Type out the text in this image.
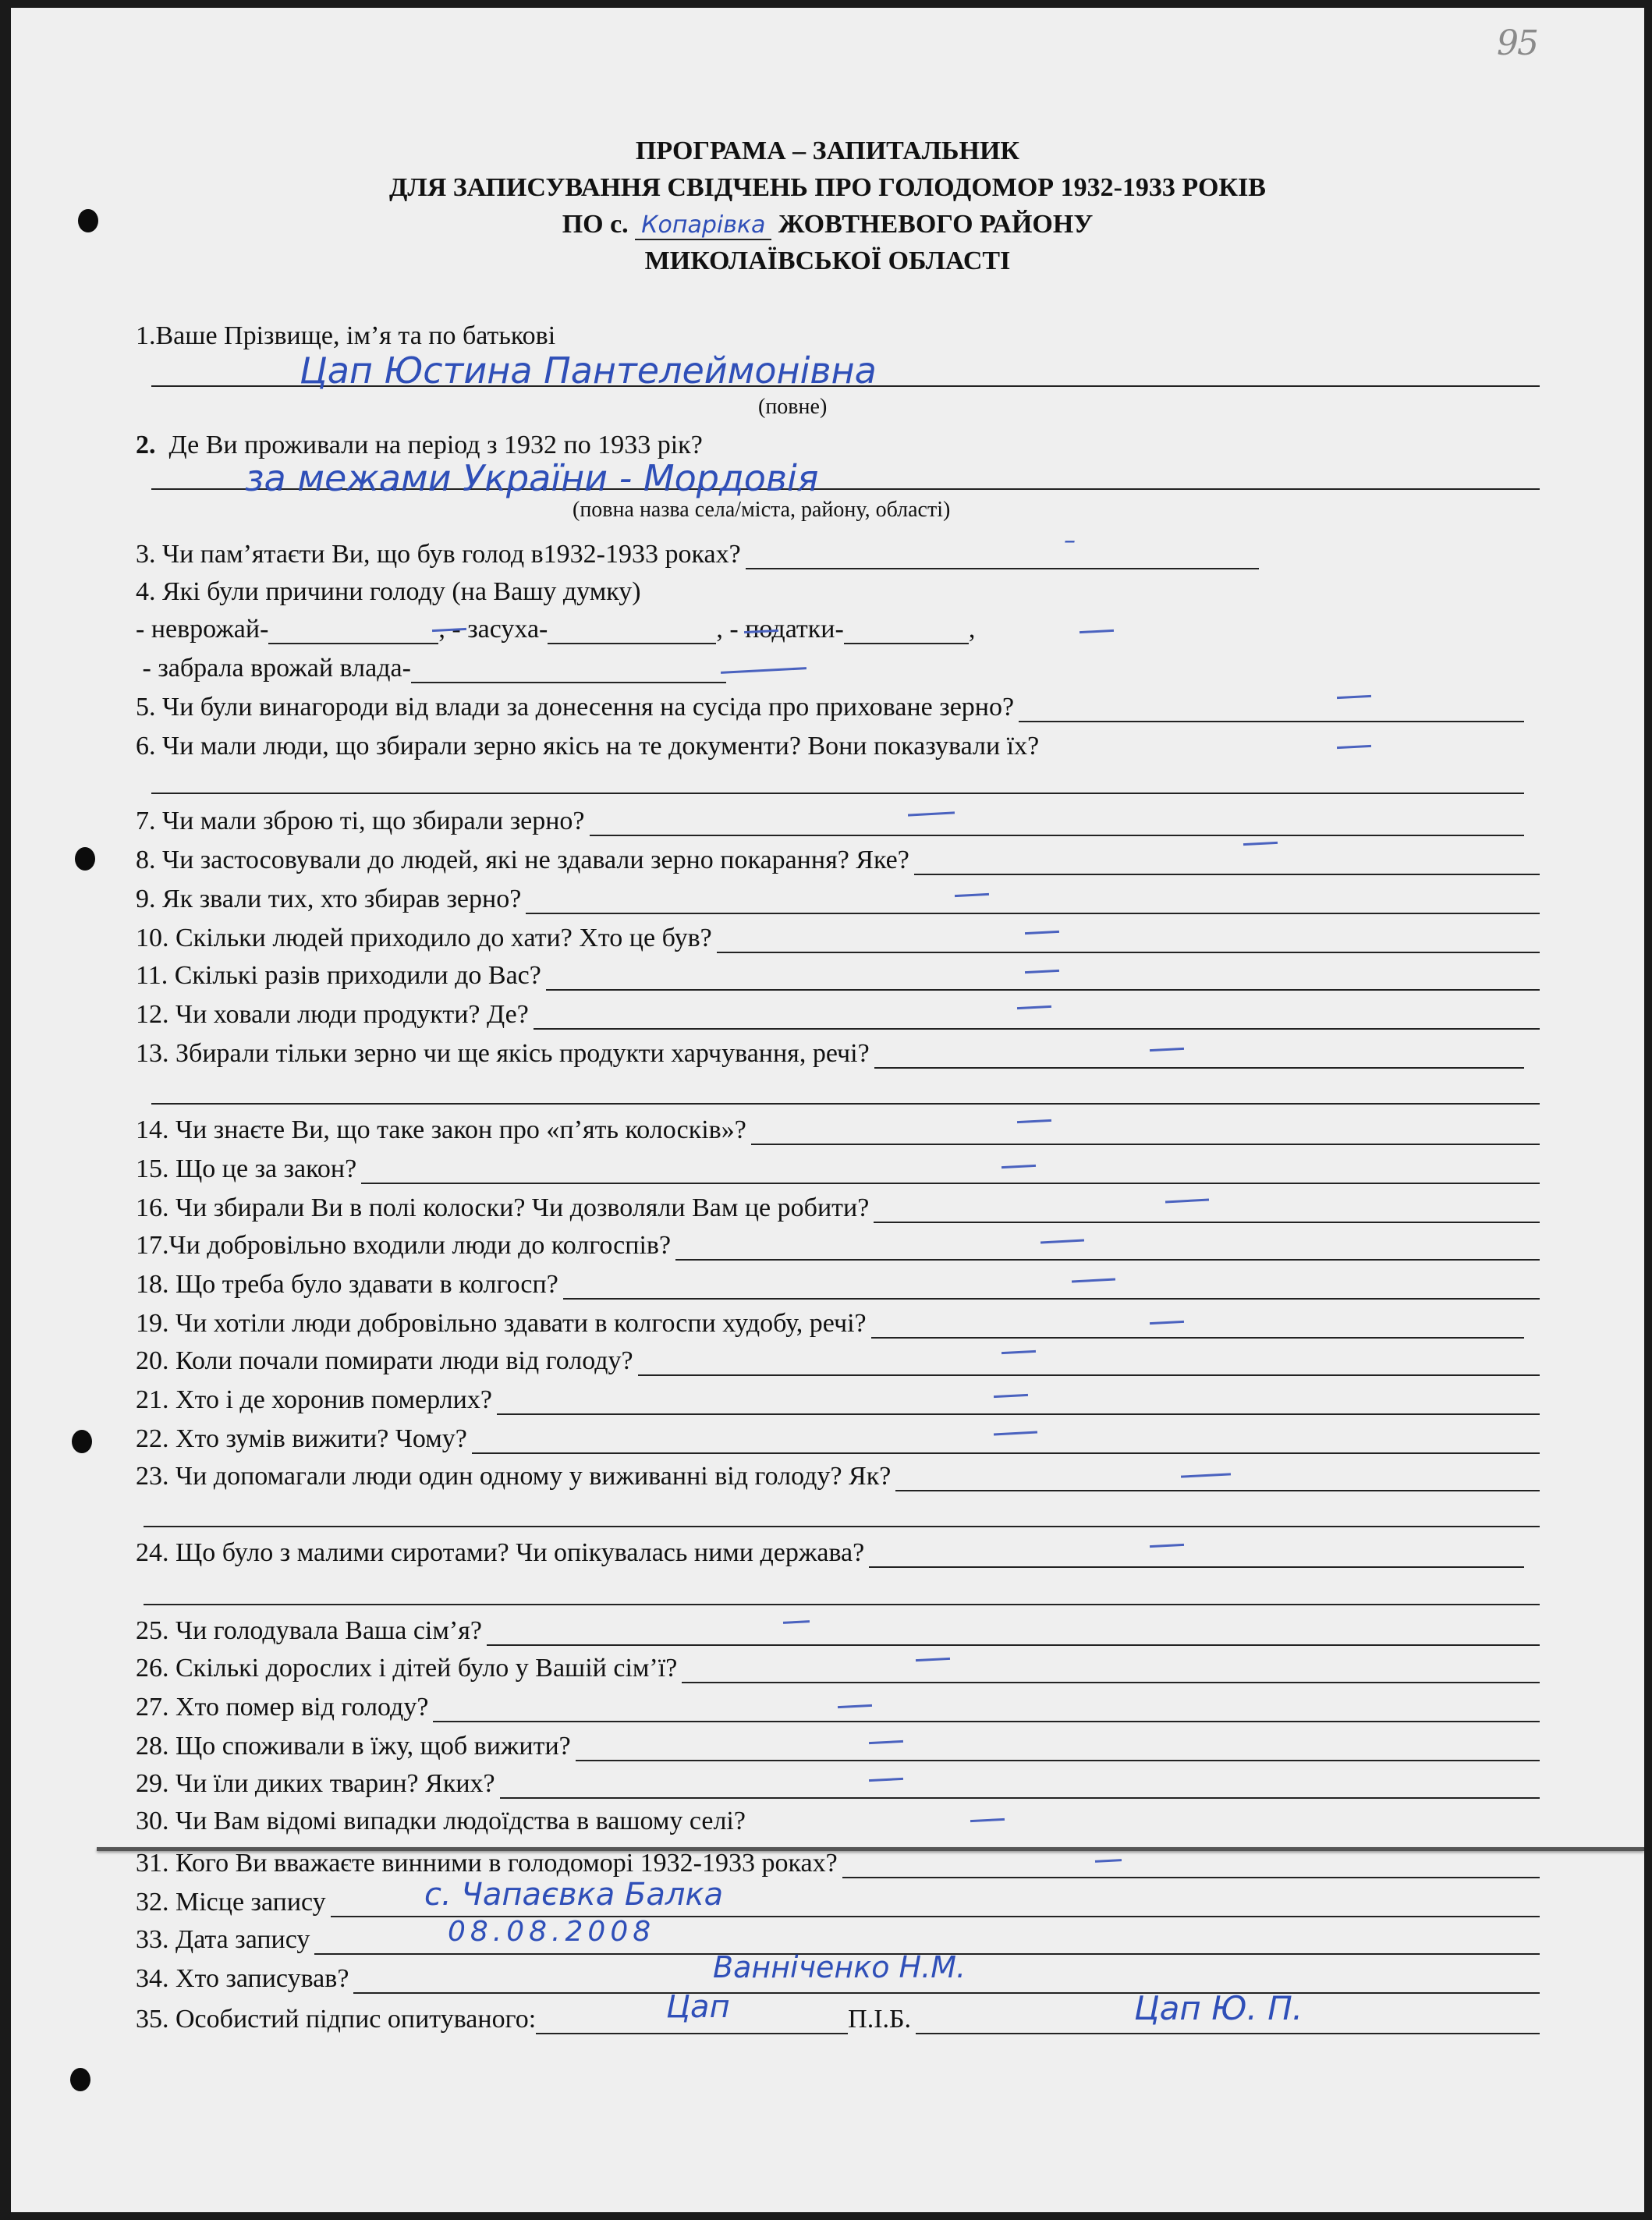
95
ПРОГРАМА – ЗАПИТАЛЬНИК
ДЛЯ ЗАПИСУВАННЯ СВІДЧЕНЬ ПРО ГОЛОДОМОР 1932-1933 РОКІВ
ПО с. Копарівка ЖОВТНЕВОГО РАЙОНУ
МИКОЛАЇВСЬКОЇ ОБЛАСТІ
1.Ваше Прізвище, ім’я та по батькові
Цап Юстина Пантелеймонівна
(повне)
2.
Де Ви проживали на період з 1932 по 1933 рік?
за межами України - Мордовія
(повна назва села/міста, району, області)
3. Чи пам’ятаєти Ви, що був голод в1932-1933 роках?	–
4. Які були причини голоду (на Вашу думку)
- неврожай-	, - засуха-	, - податки-	,

- забрала врожай влада-
5. Чи були винагороди від влади за донесення на сусіда про приховане зерно?
6. Чи мали люди, що збирали зерно якісь на те документи? Вони показували їх?
7. Чи мали зброю ті, що збирали зерно?
8. Чи застосовували до людей, які не здавали зерно покарання? Яке?
9. Як звали тих, хто збирав зерно?
10. Скільки людей приходило до хати? Хто це був?
11. Скількі разів приходили до Вас?
12. Чи ховали люди продукти? Де?
13. Збирали тільки зерно чи ще якісь продукти харчування, речі?
14. Чи знаєте Ви, що таке закон про «п’ять колосків»?
15. Що це за закон?
16. Чи збирали Ви в полі колоски? Чи дозволяли Вам це робити?
17.Чи добровільно входили люди до колгоспів?
18. Що треба було здавати в колгосп?
19. Чи хотіли люди добровільно здавати в колгоспи худобу, речі?
20. Коли почали помирати люди від голоду?
21. Хто і де хоронив померлих?
22. Хто зумів вижити? Чому?
23. Чи допомагали люди один одному у виживанні від голоду? Як?
24. Що було з малими сиротами? Чи опікувалась ними держава?
25. Чи голодувала Ваша сім’я?
26. Скількі дорослих і дітей було у Вашій сім’ї?
27. Хто помер від голоду?
28. Що споживали в їжу, щоб вижити?
29. Чи їли диких тварин? Яких?
30. Чи Вам відомі випадки людоїдства в вашому селі?
31. Кого Ви вважаєте винними в голодоморі 1932-1933 роках?
32. Місце запису	с. Чапаєвка Балка
33. Дата запису	08.08.2008
34. Хто записував?	Ванніченко Н.М.
35. Особистий підпис опитуваного:	П.І.Б.
Цап	Цап Ю. П.
